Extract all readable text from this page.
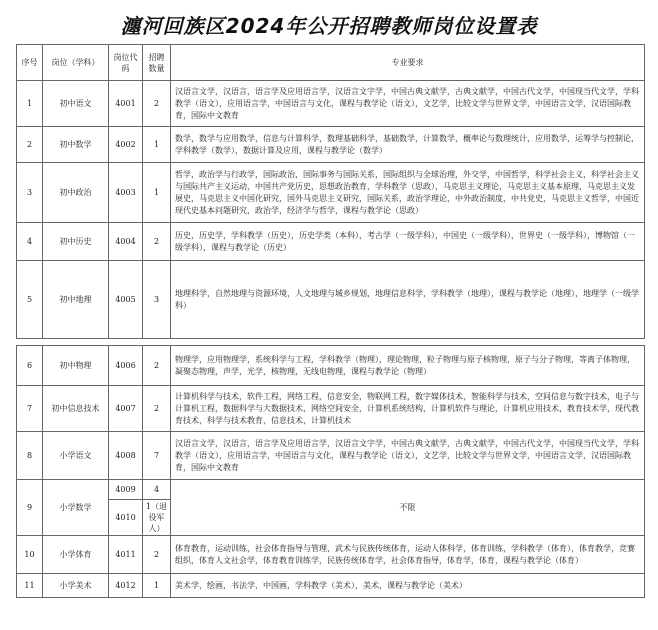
瀍河回族区2024年公开招聘教师岗位设置表
序号	岗位（学科）	岗位代码	招聘数量	专业要求
1	初中语文	4001	2	汉语言文学，汉语言，语言学及应用语言学，汉语言文字学，中国古典文献学，古典文献学，中国古代文学，中国现当代文学，学科教学（语文），应用语言学，中国语言与文化，课程与教学论（语文），文艺学，比较文学与世界文学，中国语言文学，汉语国际教育，国际中文教育
2	初中数学	4002	1	数学，数学与应用数学，信息与计算科学，数理基础科学，基础数学，计算数学，概率论与数理统计，应用数学，运筹学与控制论，学科教学（数学），数据计算及应用，课程与教学论（数学）
3	初中政治	4003	1	哲学，政治学与行政学，国际政治，国际事务与国际关系，国际组织与全球治理，外交学，中国哲学，科学社会主义，科学社会主义与国际共产主义运动，中国共产党历史，思想政治教育，学科教学（思政），马克思主义理论，马克思主义基本原理，马克思主义发展史，马克思主义中国化研究，国外马克思主义研究，国际关系，政治学理论，中外政治制度，中共党史，马克思主义哲学，中国近现代史基本问题研究，政治学，经济学与哲学，课程与教学论（思政）
4	初中历史	4004	2	历史，历史学，学科教学（历史），历史学类（本科），考古学（一级学科），中国史（一级学科），世界史（一级学科），博物馆（一级学科），课程与教学论（历史）
5	初中地理	4005	3	地理科学，自然地理与资源环境，人文地理与城乡规划，地理信息科学，学科教学（地理），课程与教学论（地理），地理学（一级学科）

6	初中物理	4006	2	物理学，应用物理学，系统科学与工程，学科教学（物理），理论物理，粒子物理与原子核物理，原子与分子物理，等离子体物理，凝聚态物理，声学，光学，核物理，无线电物理，课程与教学论（物理）
7	初中信息技术	4007	2	计算机科学与技术，软件工程，网络工程，信息安全，物联网工程，数字媒体技术，智能科学与技术，空间信息与数字技术，电子与计算机工程，数据科学与大数据技术，网络空间安全，计算机系统结构，计算机软件与理论，计算机应用技术，教育技术学，现代教育技术，科学与技术教育，信息技术，计算机技术
8	小学语文	4008	7	汉语言文学，汉语言，语言学及应用语言学，汉语言文字学，中国古典文献学，古典文献学，中国古代文学，中国现当代文学，学科教学（语文），应用语言学，中国语言与文化，课程与教学论（语文），文艺学，比较文学与世界文学，中国语言文学，汉语国际教育，国际中文教育
9	小学数学	4009	4	不限
		4010	1（退役军人）	
10	小学体育	4011	2	体育教育，运动训练，社会体育指导与管理，武术与民族传统体育，运动人体科学，体育训练，学科教学（体育），体育教学，竞赛组织，体育人文社会学，体育教育训练学，民族传统体育学，社会体育指导，体育学，体育，课程与教学论（体育）
11	小学美术	4012	1	美术学，绘画，书法学，中国画，学科教学（美术），美术，课程与教学论（美术）
